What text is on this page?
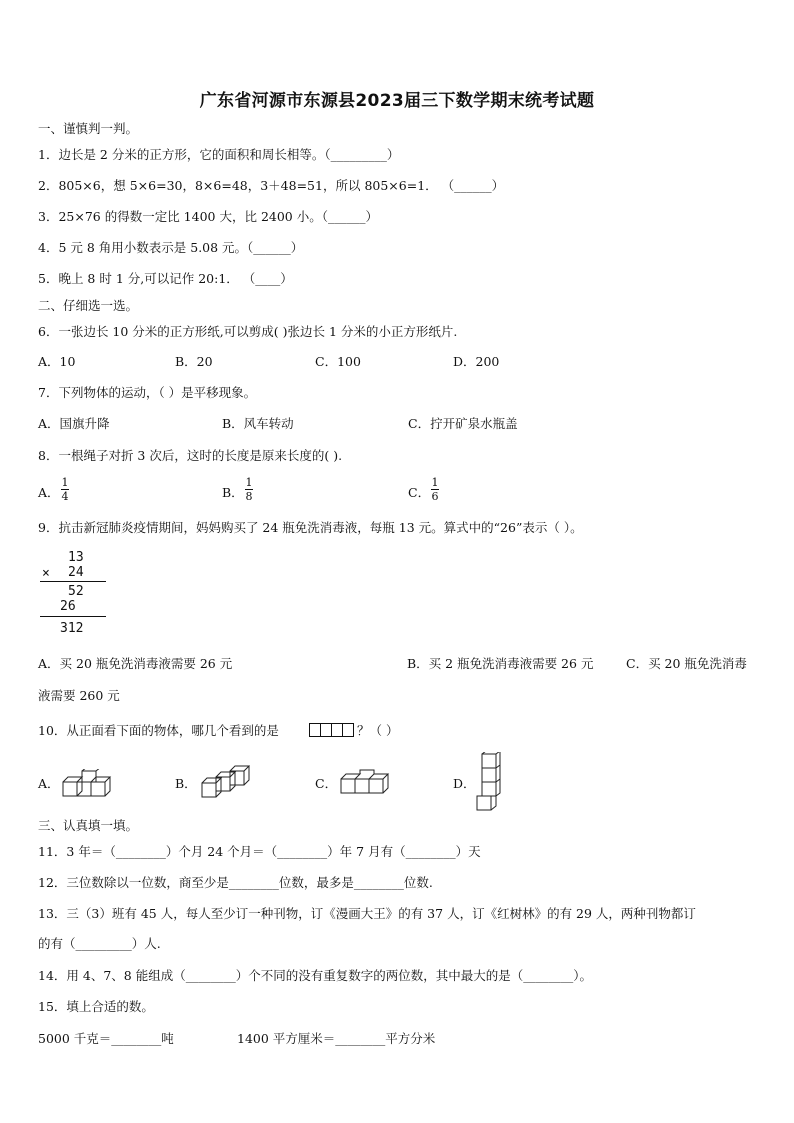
广东省河源市东源县2023届三下数学期末统考试题
一、谨慎判一判。
1．边长是 2 分米的正方形，它的面积和周长相等。（_________）
2．805×6，想 5×6=30，8×6=48，3＋48=51，所以 805×6=1． （______）
3．25×76 的得数一定比 1400 大，比 2400 小。（______）
4．5 元 8 角用小数表示是 5.08 元。（______）
5．晚上 8 时 1 分,可以记作 20:1． （____）
二、仔细选一选。
6．一张边长 10 分米的正方形纸,可以剪成( )张边长 1 分米的小正方形纸片.
A．10	B．20	C．100	D．200
7．下列物体的运动，（ ）是平移现象。
A．国旗升降	B．风车转动	C．拧开矿泉水瓶盖
8．一根绳子对折 3 次后，这时的长度是原来长度的( ).
A．
1
4	B．
1
8	C．
1
6
9．抗击新冠肺炎疫情期间，妈妈购买了 24 瓶免洗消毒液，每瓶 13 元。算式中的“26”表示（ ）。
13
× 24
52
26
312
A．买 20 瓶免洗消毒液需要 26 元	B．买 2 瓶免洗消毒液需要 26 元	C．买 20 瓶免洗消毒
液需要 260 元
10．从正面看下面的物体，哪几个看到的是	？（ ）
A．	B．	C．	D．
三、认真填一填。
11．3 年＝（________）个月 24 个月＝（________）年 7 月有（________）天
12．三位数除以一位数，商至少是________位数，最多是________位数.
13．三（3）班有 45 人，每人至少订一种刊物，订《漫画大王》的有 37 人，订《红树林》的有 29 人，两种刊物都订
的有（_________）人.
14．用 4、7、8 能组成（________）个不同的没有重复数字的两位数，其中最大的是（________）。
15．填上合适的数。
5000 千克＝________吨	1400 平方厘米＝________平方分米
